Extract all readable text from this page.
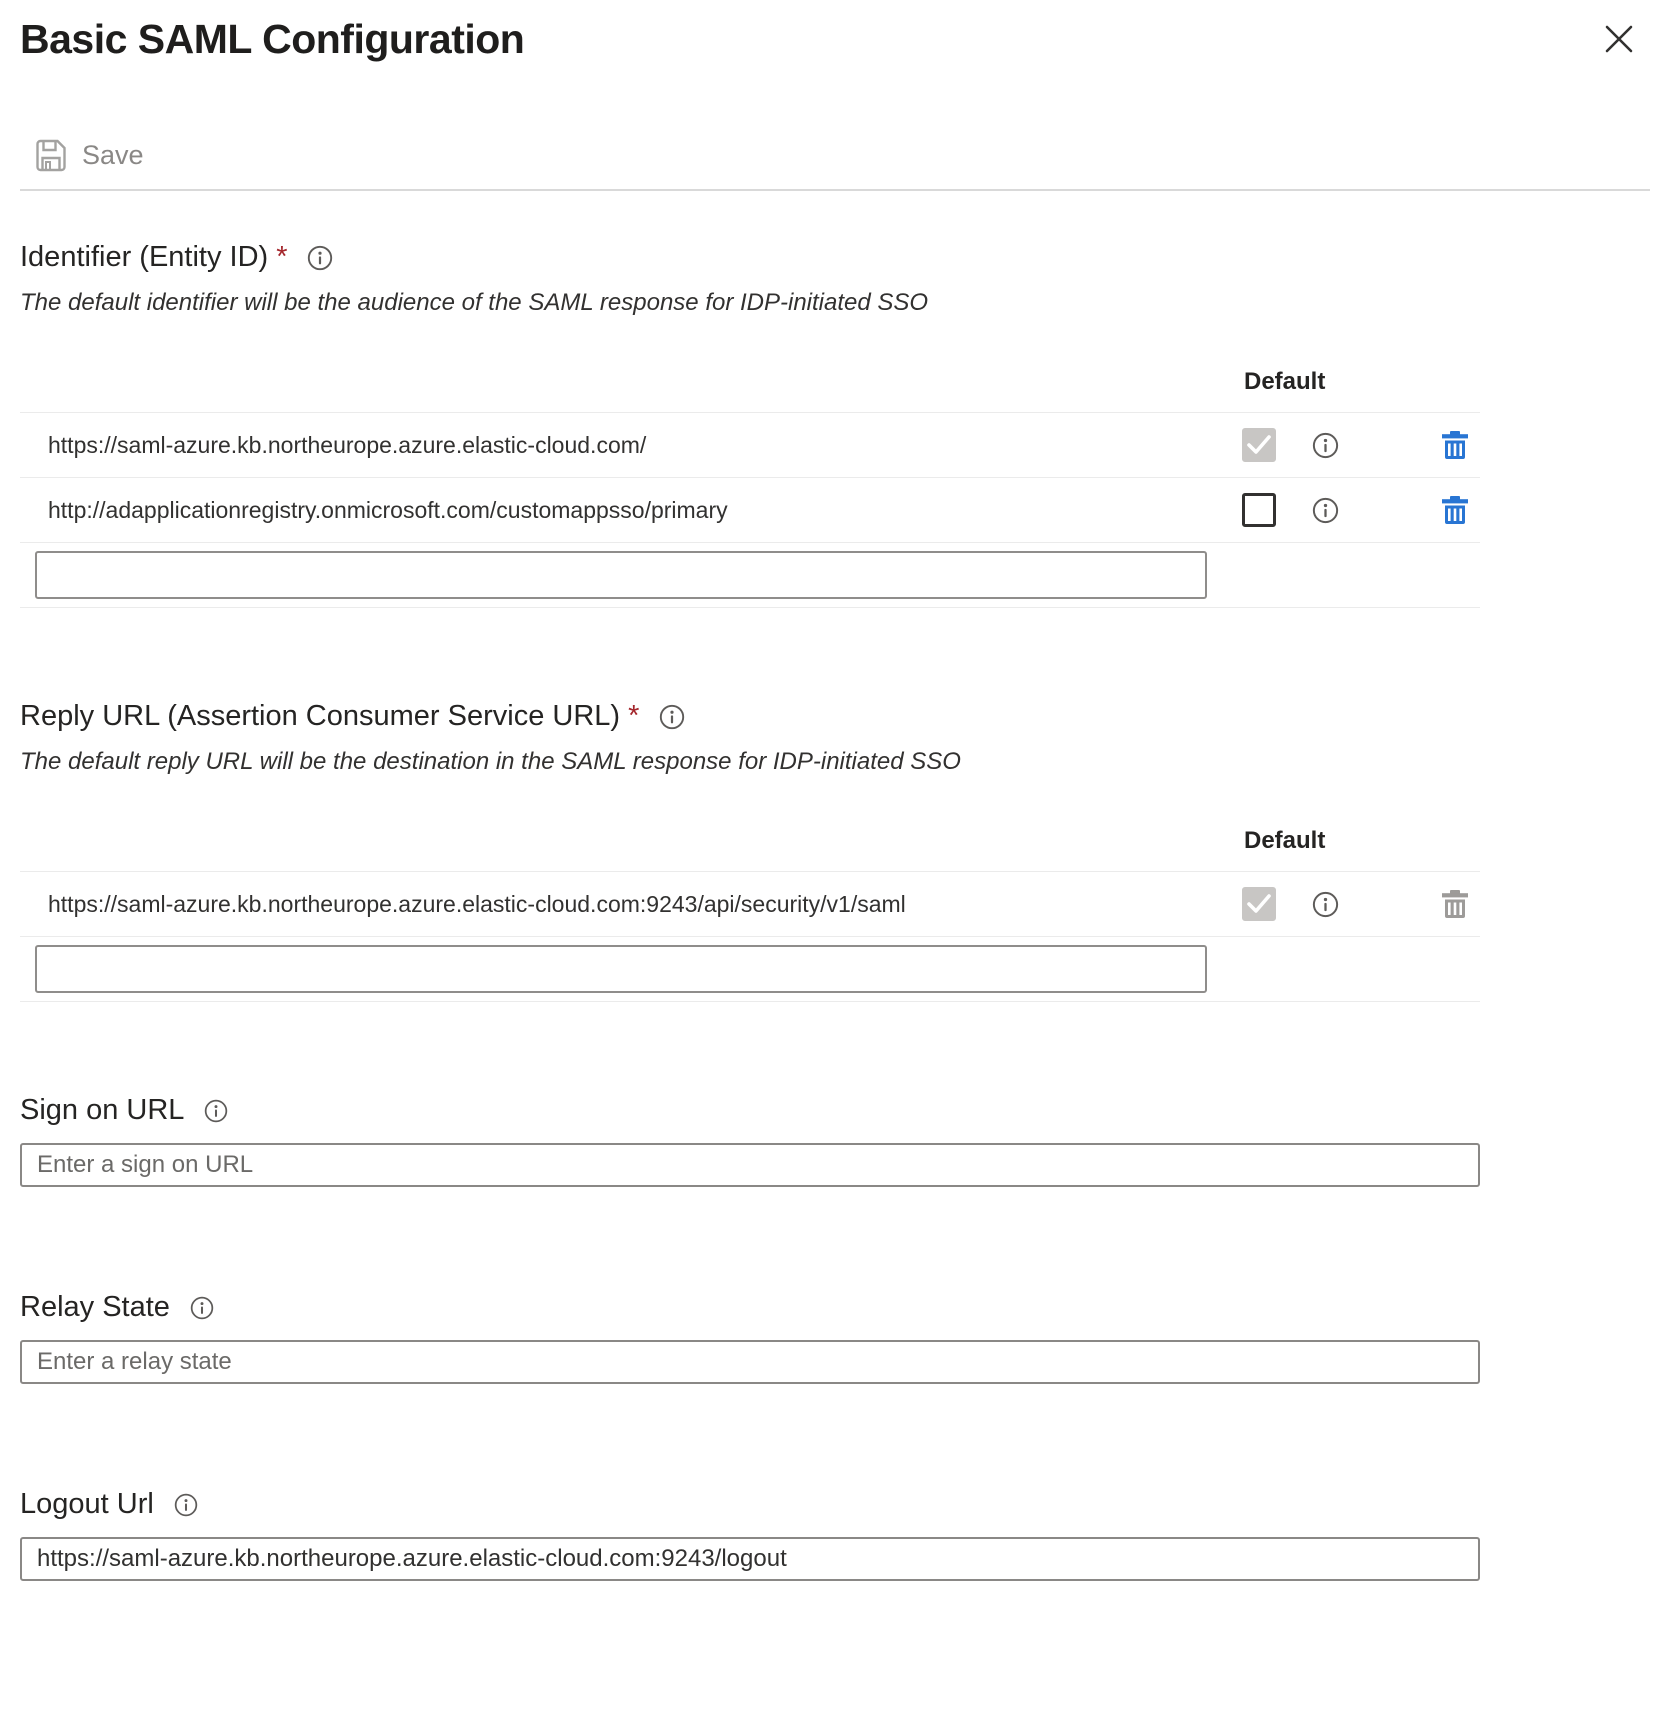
Basic SAML Configuration
Save
Identifier (Entity ID) *
The default identifier will be the audience of the SAML response for IDP-initiated SSO
Default
https://saml-azure.kb.northeurope.azure.elastic-cloud.com/
http://adapplicationregistry.onmicrosoft.com/customappsso/primary
Reply URL (Assertion Consumer Service URL) *
The default reply URL will be the destination in the SAML response for IDP-initiated SSO
Default
https://saml-azure.kb.northeurope.azure.elastic-cloud.com:9243/api/security/v1/saml
Sign on URL
Enter a sign on URL
Relay State
Enter a relay state
Logout Url
https://saml-azure.kb.northeurope.azure.elastic-cloud.com:9243/logout
